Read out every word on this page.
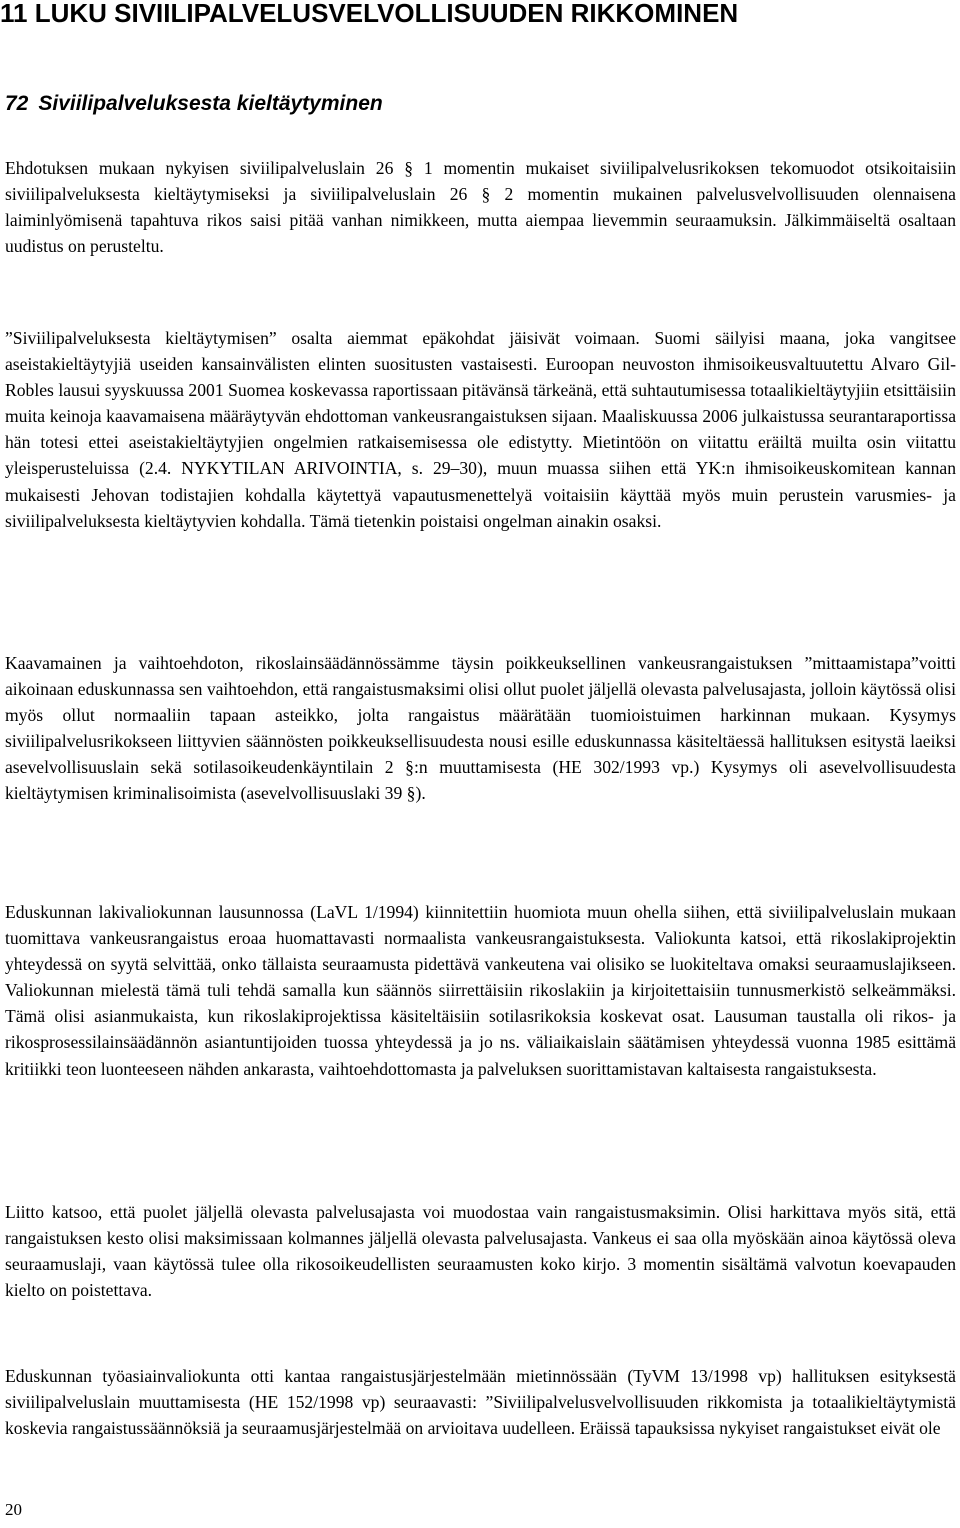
11 LUKU SIVIILIPALVELUSVELVOLLISUUDEN RIKKOMINEN
72 Siviilipalveluksesta kieltäytyminen

Ehdotuksen mukaan nykyisen siviilipalveluslain 26 § 1 momentin mukaiset siviilipalvelusrikoksen tekomuodot otsikoitaisiin siviilipalveluksesta kieltäytymiseksi ja siviilipalveluslain 26 § 2 momentin mukainen palvelusvelvollisuuden olennaisena laiminlyömisenä tapahtuva rikos saisi pitää vanhan nimikkeen, mutta aiempaa lievemmin seuraamuksin. Jälkimmäiseltä osaltaan uudistus on perusteltu.

”Siviilipalveluksesta kieltäytymisen” osalta aiemmat epäkohdat jäisivät voimaan. Suomi säilyisi maana, joka vangitsee aseistakieltäytyjiä useiden kansainvälisten elinten suositusten vastaisesti. Euroopan neuvoston ihmisoikeusvaltuutettu Alvaro Gil-Robles lausui syyskuussa 2001 Suomea koskevassa raportissaan pitävänsä tärkeänä, että suhtautumisessa totaalikieltäytyjiin etsittäisiin muita keinoja kaavamaisena määräytyvän ehdottoman vankeusrangaistuksen sijaan. Maaliskuussa 2006 julkaistussa seurantaraportissa hän totesi ettei aseistakieltäytyjien ongelmien ratkaisemisessa ole edistytty. Mietintöön on viitattu eräiltä muilta osin viitattu yleisperusteluissa (2.4. NYKYTILAN ARIVOINTIA, s. 29–30), muun muassa siihen että YK:n ihmisoikeuskomitean kannan mukaisesti Jehovan todistajien kohdalla käytettyä vapautusmenettelyä voitaisiin käyttää myös muin perustein varusmies- ja siviilipalveluksesta kieltäytyvien kohdalla. Tämä tietenkin poistaisi ongelman ainakin osaksi.

Kaavamainen ja vaihtoehdoton, rikoslainsäädännössämme täysin poikkeuksellinen vankeusrangaistuksen ”mittaamistapa”voitti aikoinaan eduskunnassa sen vaihtoehdon, että rangaistusmaksimi olisi ollut puolet jäljellä olevasta palvelusajasta, jolloin käytössä olisi myös ollut normaaliin tapaan asteikko, jolta rangaistus määrätään tuomioistuimen harkinnan mukaan. Kysymys siviilipalvelusrikokseen liittyvien säännösten poikkeuksellisuudesta nousi esille eduskunnassa käsiteltäessä hallituksen esitystä laeiksi asevelvollisuuslain sekä sotilasoikeudenkäyntilain 2 §:n muuttamisesta (HE 302/1993 vp.) Kysymys oli asevelvollisuudesta kieltäytymisen kriminalisoimista (asevelvollisuuslaki 39 §).

Eduskunnan lakivaliokunnan lausunnossa (LaVL 1/1994) kiinnitettiin huomiota muun ohella siihen, että siviilipalveluslain mukaan tuomittava vankeusrangaistus eroaa huomattavasti normaalista vankeusrangaistuksesta. Valiokunta katsoi, että rikoslakiprojektin yhteydessä on syytä selvittää, onko tällaista seuraamusta pidettävä vankeutena vai olisiko se luokiteltava omaksi seuraamuslajikseen. Valiokunnan mielestä tämä tuli tehdä samalla kun säännös siirrettäisiin rikoslakiin ja kirjoitettaisiin tunnusmerkistö selkeämmäksi. Tämä olisi asianmukaista, kun rikoslakiprojektissa käsiteltäisiin sotilasrikoksia koskevat osat. Lausuman taustalla oli rikos- ja rikosprosessilainsäädännön asiantuntijoiden tuossa yhteydessä ja jo ns. väliaikaislain säätämisen yhteydessä vuonna 1985 esittämä kritiikki teon luonteeseen nähden ankarasta, vaihtoehdottomasta ja palveluksen suorittamistavan kaltaisesta rangaistuksesta.

Liitto katsoo, että puolet jäljellä olevasta palvelusajasta voi muodostaa vain rangaistusmaksimin. Olisi harkittava myös sitä, että rangaistuksen kesto olisi maksimissaan kolmannes jäljellä olevasta palvelusajasta. Vankeus ei saa olla myöskään ainoa käytössä oleva seuraamuslaji, vaan käytössä tulee olla rikosoikeudellisten seuraamusten koko kirjo. 3 momentin sisältämä valvotun koevapauden kielto on poistettava.

Eduskunnan työasiainvaliokunta otti kantaa rangaistusjärjestelmään mietinnössään (TyVM 13/1998 vp) hallituksen esityksestä siviilipalveluslain muuttamisesta (HE 152/1998 vp) seuraavasti: ”Siviilipalvelusvelvollisuuden rikkomista ja totaalikieltäytymistä koskevia rangaistussäännöksiä ja seuraamusjärjestelmää on arvioitava uudelleen. Eräissä tapauksissa nykyiset rangaistukset eivät ole

20
